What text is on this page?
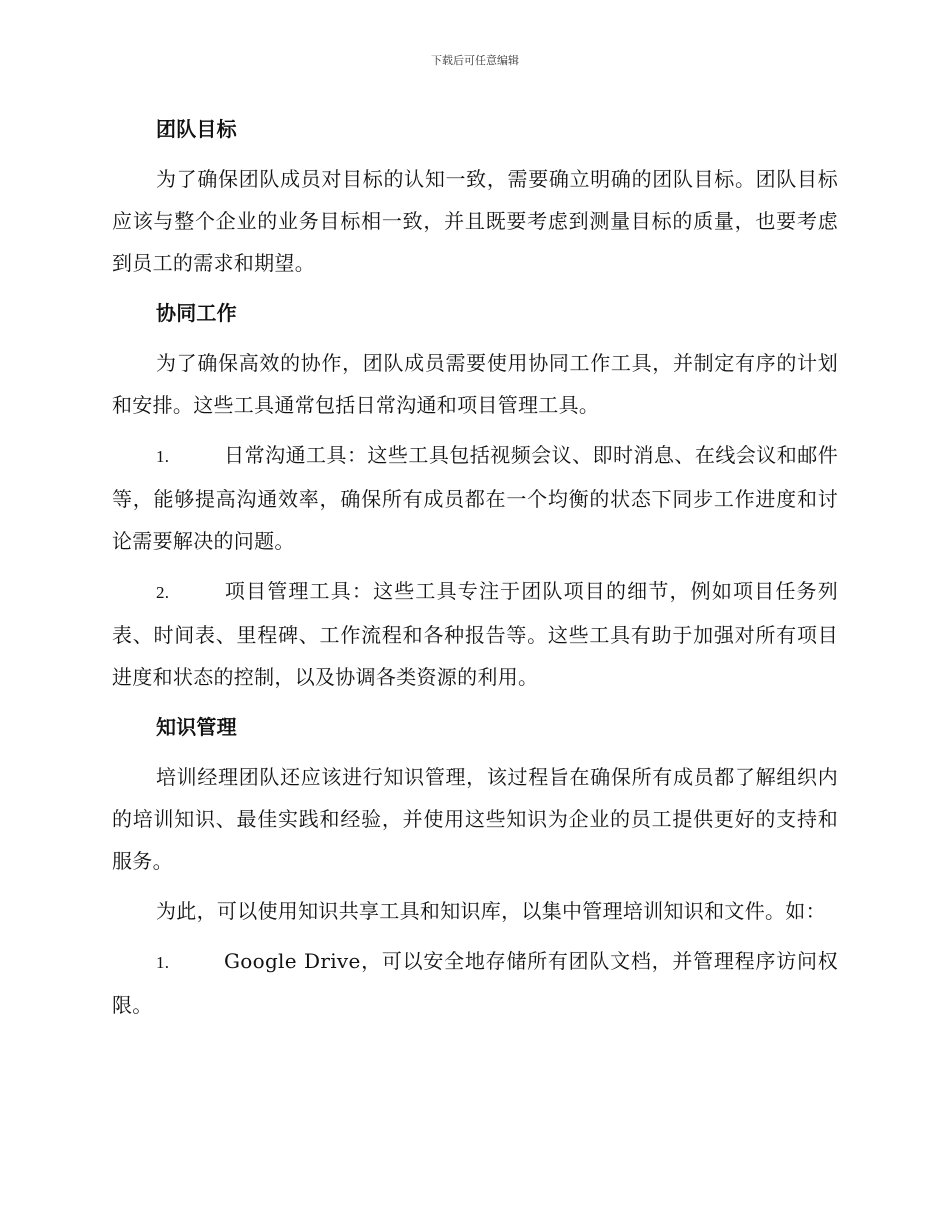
下载后可任意编辑
团队目标

为了确保团队成员对目标的认知一致，需要确立明确的团队目标。团队目标应该与整个企业的业务目标相一致，并且既要考虑到测量目标的质量，也要考虑到员工的需求和期望。

协同工作

为了确保高效的协作，团队成员需要使用协同工作工具，并制定有序的计划和安排。这些工具通常包括日常沟通和项目管理工具。

1.	日常沟通工具：这些工具包括视频会议、即时消息、在线会议和邮件等，能够提高沟通效率，确保所有成员都在一个均衡的状态下同步工作进度和讨论需要解决的问题。

2.	项目管理工具：这些工具专注于团队项目的细节，例如项目任务列表、时间表、里程碑、工作流程和各种报告等。这些工具有助于加强对所有项目进度和状态的控制，以及协调各类资源的利用。

知识管理

培训经理团队还应该进行知识管理，该过程旨在确保所有成员都了解组织内的培训知识、最佳实践和经验，并使用这些知识为企业的员工提供更好的支持和服务。

为此，可以使用知识共享工具和知识库，以集中管理培训知识和文件。如：

1.	Google Drive，可以安全地存储所有团队文档，并管理程序访问权限。
